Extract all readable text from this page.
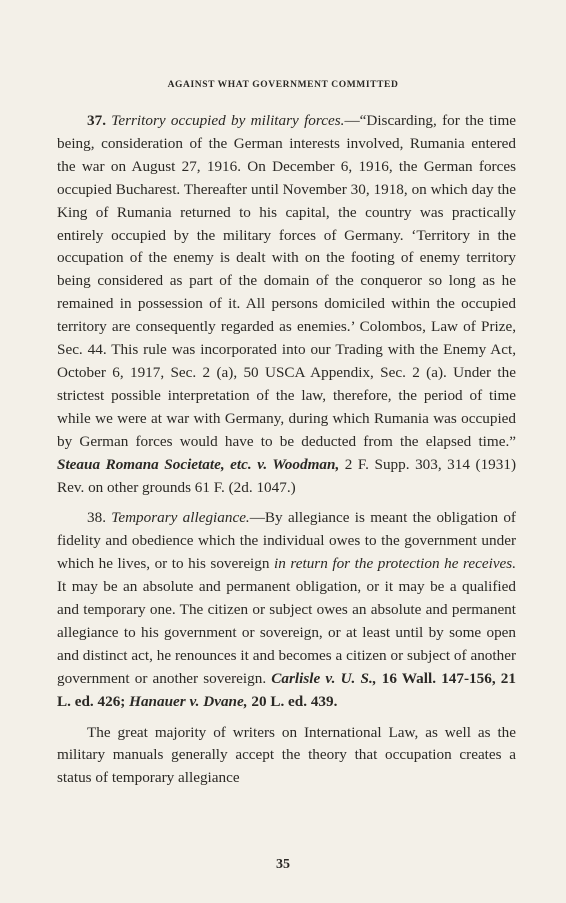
AGAINST WHAT GOVERNMENT COMMITTED

37. Territory occupied by military forces.—“Discarding, for the time being, consideration of the German interests involved, Rumania entered the war on August 27, 1916. On December 6, 1916, the German forces occupied Bucharest. Thereafter until November 30, 1918, on which day the King of Rumania returned to his capital, the country was practically entirely occupied by the military forces of Germany. ‘Territory in the occupation of the enemy is dealt with on the footing of enemy territory being considered as part of the domain of the conqueror so long as he remained in possession of it. All persons domiciled within the occupied territory are consequently regarded as enemies.’ Colombos, Law of Prize, Sec. 44. This rule was incorporated into our Trading with the Enemy Act, October 6, 1917, Sec. 2 (a), 50 USCA Appendix, Sec. 2 (a). Under the strictest possible interpretation of the law, therefore, the period of time while we were at war with Germany, during which Rumania was occupied by German forces would have to be deducted from the elapsed time.” Steaua Romana Societate, etc. v. Woodman, 2 F. Supp. 303, 314 (1931) Rev. on other grounds 61 F. (2d. 1047.)

38. Temporary allegiance.—By allegiance is meant the obligation of fidelity and obedience which the individual owes to the government under which he lives, or to his sovereign in return for the protection he receives. It may be an absolute and permanent obligation, or it may be a qualified and temporary one. The citizen or subject owes an absolute and permanent allegiance to his government or sovereign, or at least until by some open and distinct act, he renounces it and becomes a citizen or subject of another government or another sovereign. Carlisle v. U. S., 16 Wall. 147-156, 21 L. ed. 426; Hanauer v. Dvane, 20 L. ed. 439.

The great majority of writers on International Law, as well as the military manuals generally accept the theory that occupation creates a status of temporary allegiance

35
